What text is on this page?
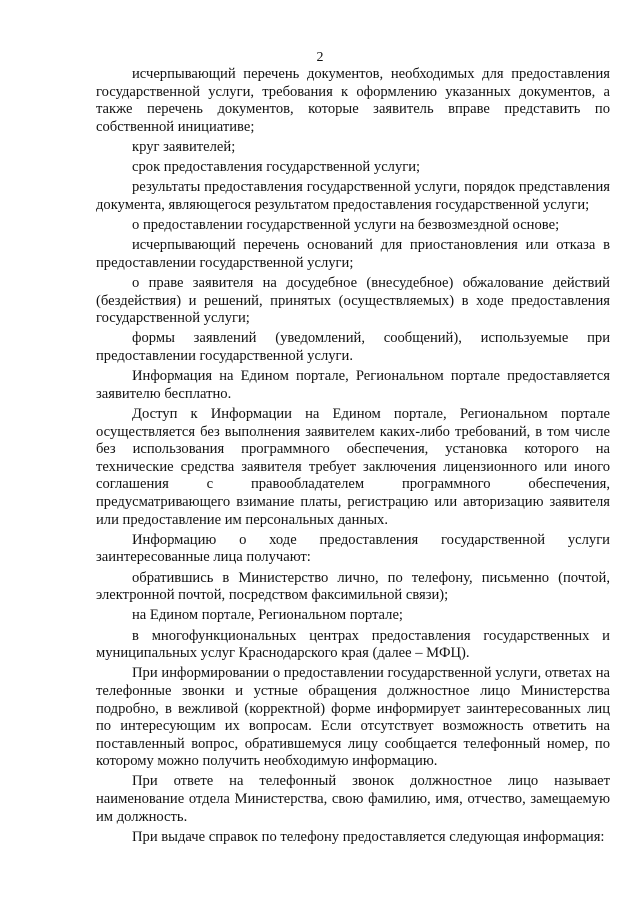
2

исчерпывающий перечень документов, необходимых для предоставления государственной услуги, требования к оформлению указанных документов, а также перечень документов, которые заявитель вправе представить по собственной инициативе;

круг заявителей;

срок предоставления государственной услуги;

результаты предоставления государственной услуги, порядок представления документа, являющегося результатом предоставления государственной услуги;

о предоставлении государственной услуги на безвозмездной основе;

исчерпывающий перечень оснований для приостановления или отказа в предоставлении государственной услуги;

о праве заявителя на досудебное (внесудебное) обжалование действий (бездействия) и решений, принятых (осуществляемых) в ходе предоставления государственной услуги;

формы заявлений (уведомлений, сообщений), используемые при предоставлении государственной услуги.

Информация на Едином портале, Региональном портале предоставляется заявителю бесплатно.

Доступ к Информации на Едином портале, Региональном портале осуществляется без выполнения заявителем каких-либо требований, в том числе без использования программного обеспечения, установка которого на технические средства заявителя требует заключения лицензионного или иного соглашения с правообладателем программного обеспечения, предусматривающего взимание платы, регистрацию или авторизацию заявителя или предоставление им персональных данных.

Информацию о ходе предоставления государственной услуги заинтересованные лица получают:

обратившись в Министерство лично, по телефону, письменно (почтой, электронной почтой, посредством факсимильной связи);

на Едином портале, Региональном портале;

в многофункциональных центрах предоставления государственных и муниципальных услуг Краснодарского края (далее – МФЦ).

При информировании о предоставлении государственной услуги, ответах на телефонные звонки и устные обращения должностное лицо Министерства подробно, в вежливой (корректной) форме информирует заинтересованных лиц по интересующим их вопросам. Если отсутствует возможность ответить на поставленный вопрос, обратившемуся лицу сообщается телефонный номер, по которому можно получить необходимую информацию.

При ответе на телефонный звонок должностное лицо называет наименование отдела Министерства, свою фамилию, имя, отчество, замещаемую им должность.

При выдаче справок по телефону предоставляется следующая информация:
